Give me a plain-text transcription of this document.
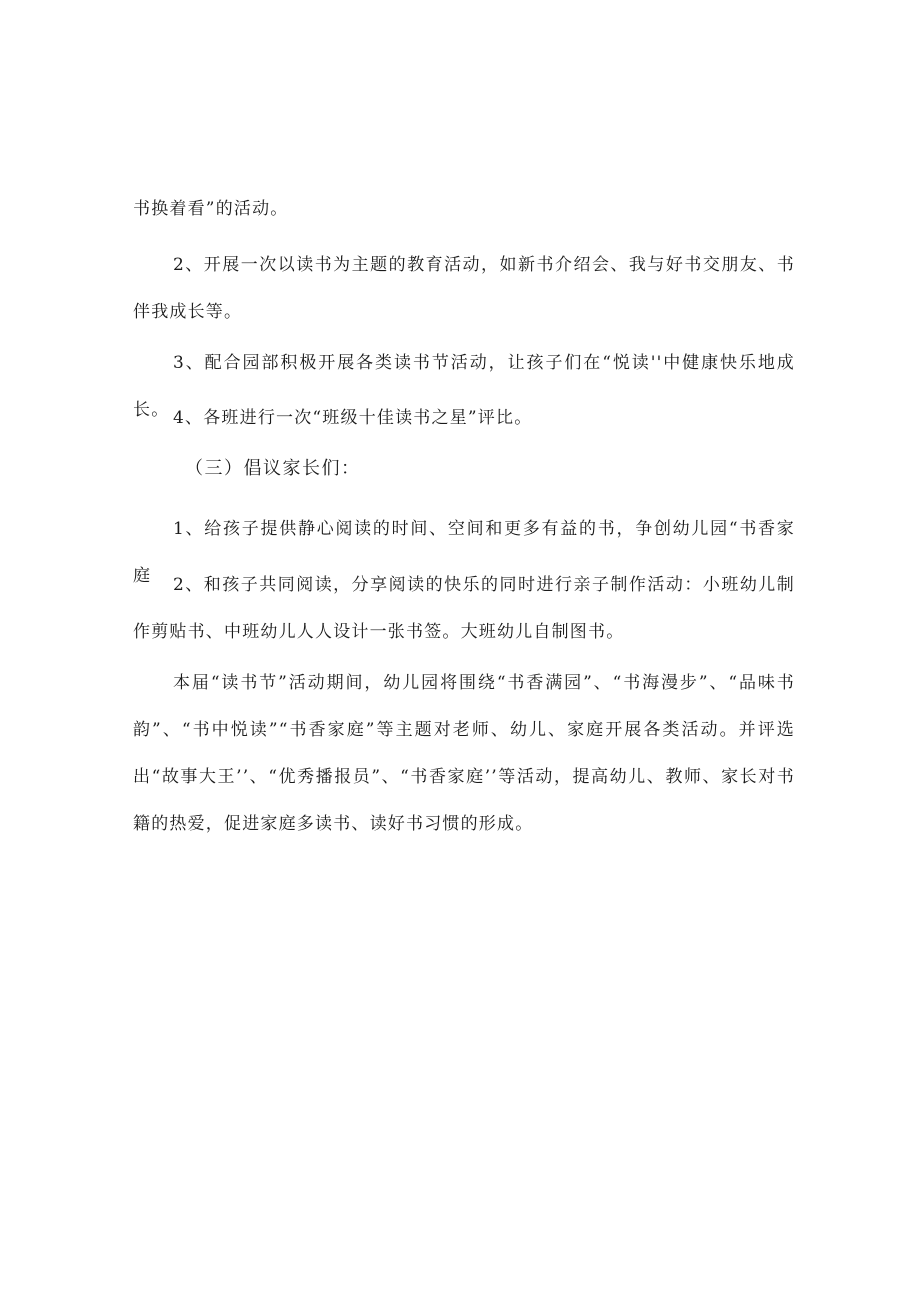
书换着看”的活动。

2、开展一次以读书为主题的教育活动，如新书介绍会、我与好书交朋友、书伴我成长等。

3、配合园部积极开展各类读书节活动，让孩子们在“悦读''中健康快乐地成长。 4、各班进行一次“班级十佳读书之星”评比。

（三）倡议家长们：

1、给孩子提供静心阅读的时间、空间和更多有益的书，争创幼儿园“书香家庭	2、和孩子共同阅读，分享阅读的快乐的同时进行亲子制作活动：小班幼儿制作剪贴书、中班幼儿人人设计一张书签。大班幼儿自制图书。

本届“读书节”活动期间，幼儿园将围绕“书香满园”、“书海漫步”、“品味书韵”、“书中悦读”“书香家庭”等主题对老师、幼儿、家庭开展各类活动。并评选出“故事大王’’、“优秀播报员”、“书香家庭’’等活动，提高幼儿、教师、家长对书籍的热爱，促进家庭多读书、读好书习惯的形成。
